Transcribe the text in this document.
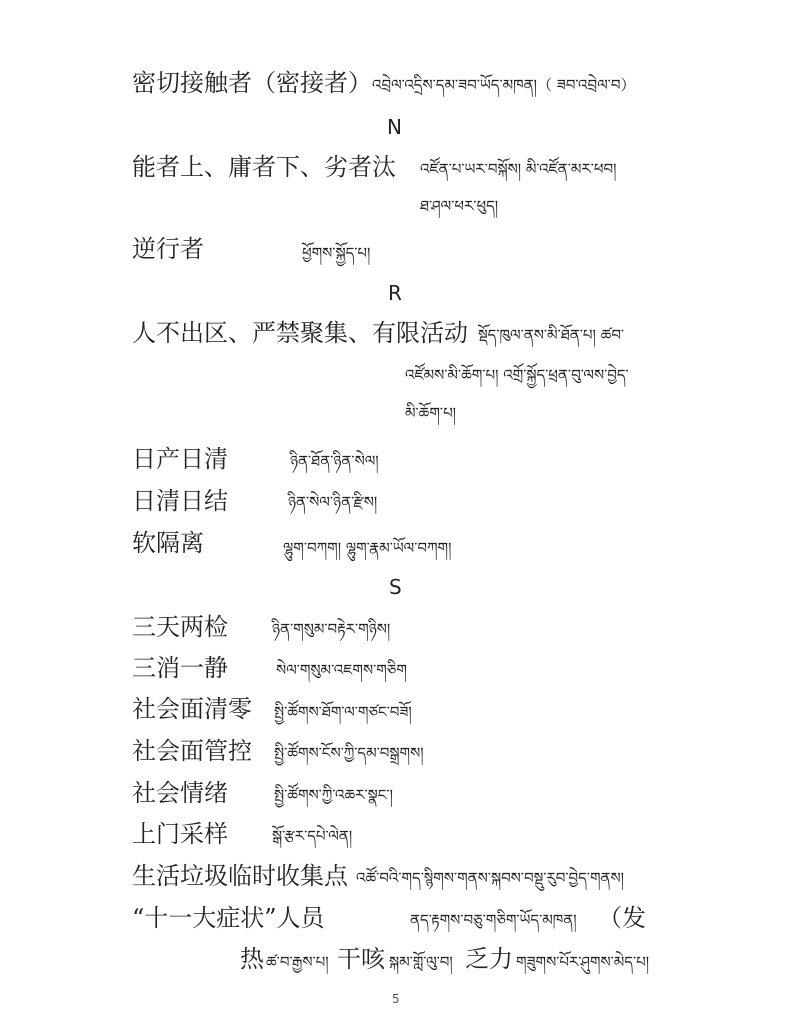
密切接触者（密接者） འབྲེལ་འདྲིས་དམ་ཟབ་ཡོད་མཁན།（ ཟབ་འབྲེལ་བ）
N
能者上、庸者下、劣者汰 འཛོན་པ་ཡར་བསྐོས། མི་འཛོན་མར་ཕབ།
ཐ་ཤལ་ཕར་ཕུད།
逆行者	ཕྱོགས་སྐྱོད་པ།
R
人不出区、严禁聚集、有限活动 སྡོད་ཁུལ་ནས་མི་ཐོན་པ། ཚབ་
འཛོམས་མི་ཆོག་པ། འགྲོ་སྐྱོད་ཕྲན་བུ་ལས་བྱེད་
མི་ཆོག་པ།
日产日清	ཉིན་ཐོན་ཉིན་སེལ།
日清日结	ཉིན་སེལ་ཉིན་རྫིས།
软隔离	ལྷུག་བཀག། ལྷུག་རྣམ་ཡོལ་བཀག།
S
三天两检	ཉིན་གསུམ་བརྟེར་གཉིས།
三消一静	སེལ་གསུམ་འཇགས་གཅིག
社会面清零 སྤྱི་ཚོགས་ཐོག་ལ་གཙང་བཟོ།
社会面管控 སྤྱི་ཚོགས་ངོས་ཀྱི་དམ་བསྒྲགས།
社会情绪	སྤྱི་ཚོགས་ཀྱི་འཆར་སྣང་།
上门采样	སྒོ་རྩར་དཔེ་ལེན།
生活垃圾临时收集点 འཚོ་བའི་གད་སྙིགས་གནས་སྐབས་བསྡུ་རུབ་བྱེད་གནས།
“十一大症状”人员	ནད་རྟགས་བཅུ་གཅིག་ཡོད་མཁན། （发
热 ཚ་བ་རྒྱས་པ། 干咳 སྐམ་གློ་ལུ་བ། 乏力 གཟུགས་པོར་ཤུགས་མེད་པ།
5
